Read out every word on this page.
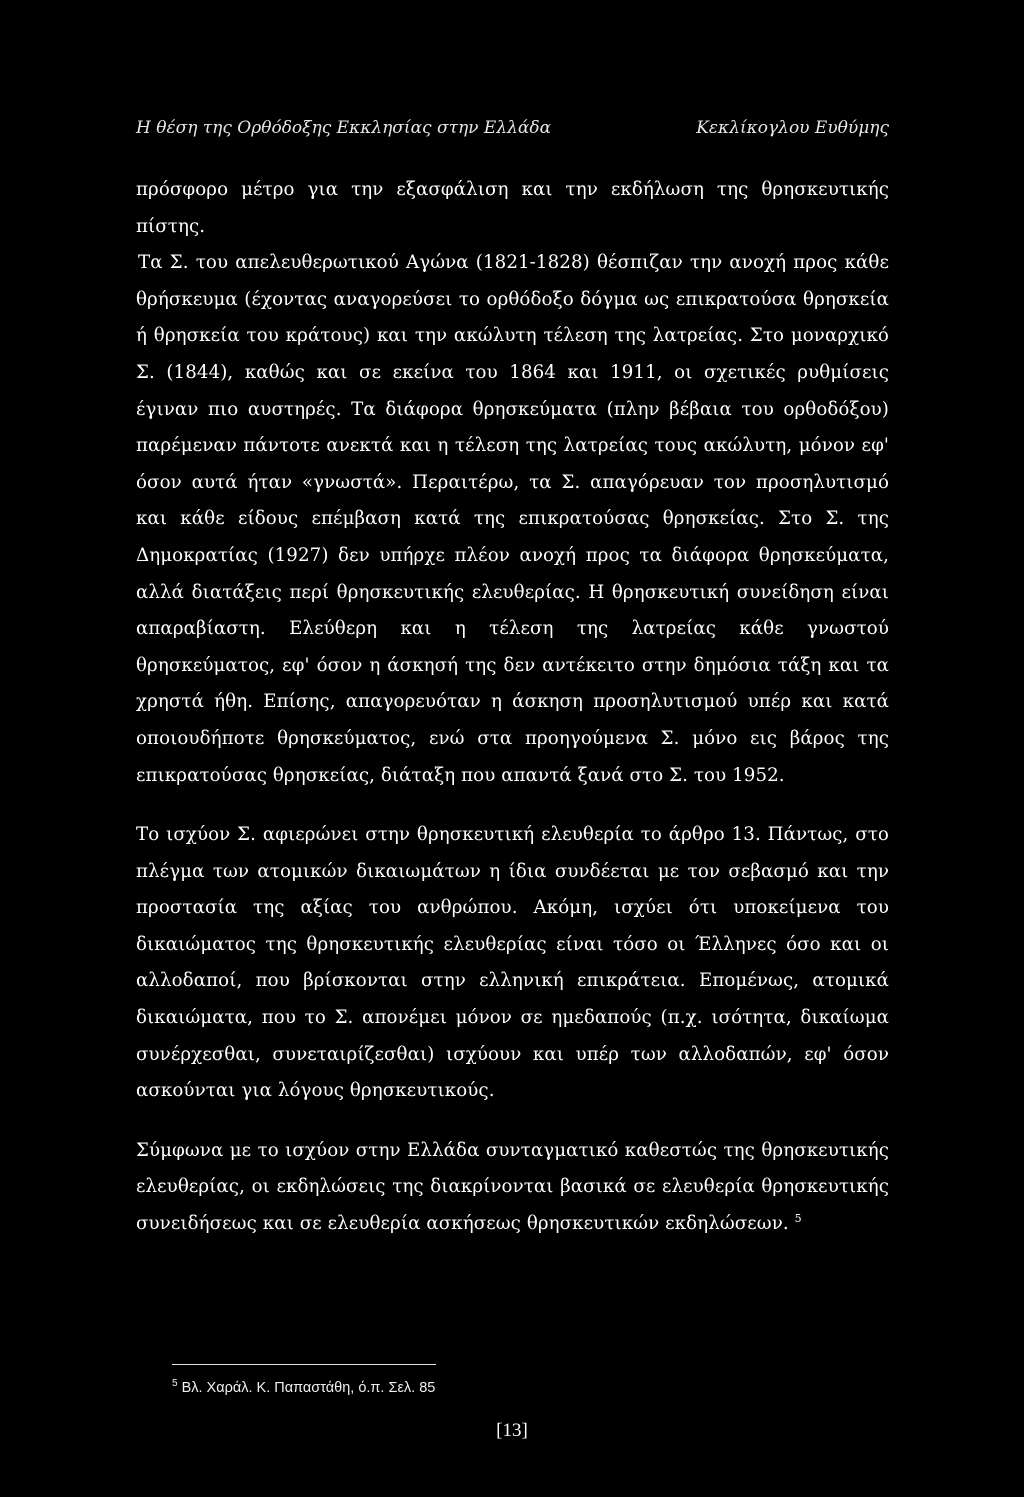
Η θέση της Ορθόδοξης Εκκλησίας στην Ελλάδα	Κεκλίκογλου Ευθύμης

πρόσφορο μέτρο για την εξασφάλιση και την εκδήλωση της θρησκευτικής πίστης.

Τα Σ. του απελευθερωτικού Αγώνα (1821-1828) θέσπιζαν την ανοχή προς κάθε θρήσκευμα (έχοντας αναγορεύσει το ορθόδοξο δόγμα ως επικρατούσα θρησκεία ή θρησκεία του κράτους) και την ακώλυτη τέλεση της λατρείας. Στο μοναρχικό Σ. (1844), καθώς και σε εκείνα του 1864 και 1911, οι σχετικές ρυθμίσεις έγιναν πιο αυστηρές. Τα διάφορα θρησκεύματα (πλην βέβαια του ορθοδόξου) παρέμεναν πάντοτε ανεκτά και η τέλεση της λατρείας τους ακώλυτη, μόνον εφ' όσον αυτά ήταν «γνωστά». Περαιτέρω, τα Σ. απαγόρευαν τον προσηλυτισμό και κάθε είδους επέμβαση κατά της επικρατούσας θρησκείας. Στο Σ. της Δημοκρατίας (1927) δεν υπήρχε πλέον ανοχή προς τα διάφορα θρησκεύματα, αλλά διατάξεις περί θρησκευτικής ελευθερίας. Η θρησκευτική συνείδηση είναι απαραβίαστη. Ελεύθερη και η τέλεση της λατρείας κάθε γνωστού θρησκεύματος, εφ' όσον η άσκησή της δεν αντέκειτο στην δημόσια τάξη και τα χρηστά ήθη. Επίσης, απαγορευόταν η άσκηση προσηλυτισμού υπέρ και κατά οποιουδήποτε θρησκεύματος, ενώ στα προηγούμενα Σ. μόνο εις βάρος της επικρατούσας θρησκείας, διάταξη που απαντά ξανά στο Σ. του 1952.

Το ισχύον Σ. αφιερώνει στην θρησκευτική ελευθερία το άρθρο 13. Πάντως, στο πλέγμα των ατομικών δικαιωμάτων η ίδια συνδέεται με τον σεβασμό και την προστασία της αξίας του ανθρώπου. Ακόμη, ισχύει ότι υποκείμενα του δικαιώματος της θρησκευτικής ελευθερίας είναι τόσο οι Έλληνες όσο και οι αλλοδαποί, που βρίσκονται στην ελληνική επικράτεια. Επομένως, ατομικά δικαιώματα, που το Σ. απονέμει μόνον σε ημεδαπούς (π.χ. ισότητα, δικαίωμα συνέρχεσθαι, συνεταιρίζεσθαι) ισχύουν και υπέρ των αλλοδαπών, εφ' όσον ασκούνται για λόγους θρησκευτικούς.

Σύμφωνα με το ισχύον στην Ελλάδα συνταγματικό καθεστώς της θρησκευτικής ελευθερίας, οι εκδηλώσεις της διακρίνονται βασικά σε ελευθερία θρησκευτικής συνειδήσεως και σε ελευθερία ασκήσεως θρησκευτικών εκδηλώσεων. $^5$

$^5$ Βλ. Χαράλ. Κ. Παπαστάθη, ό.π. Σελ. 85
[13]
